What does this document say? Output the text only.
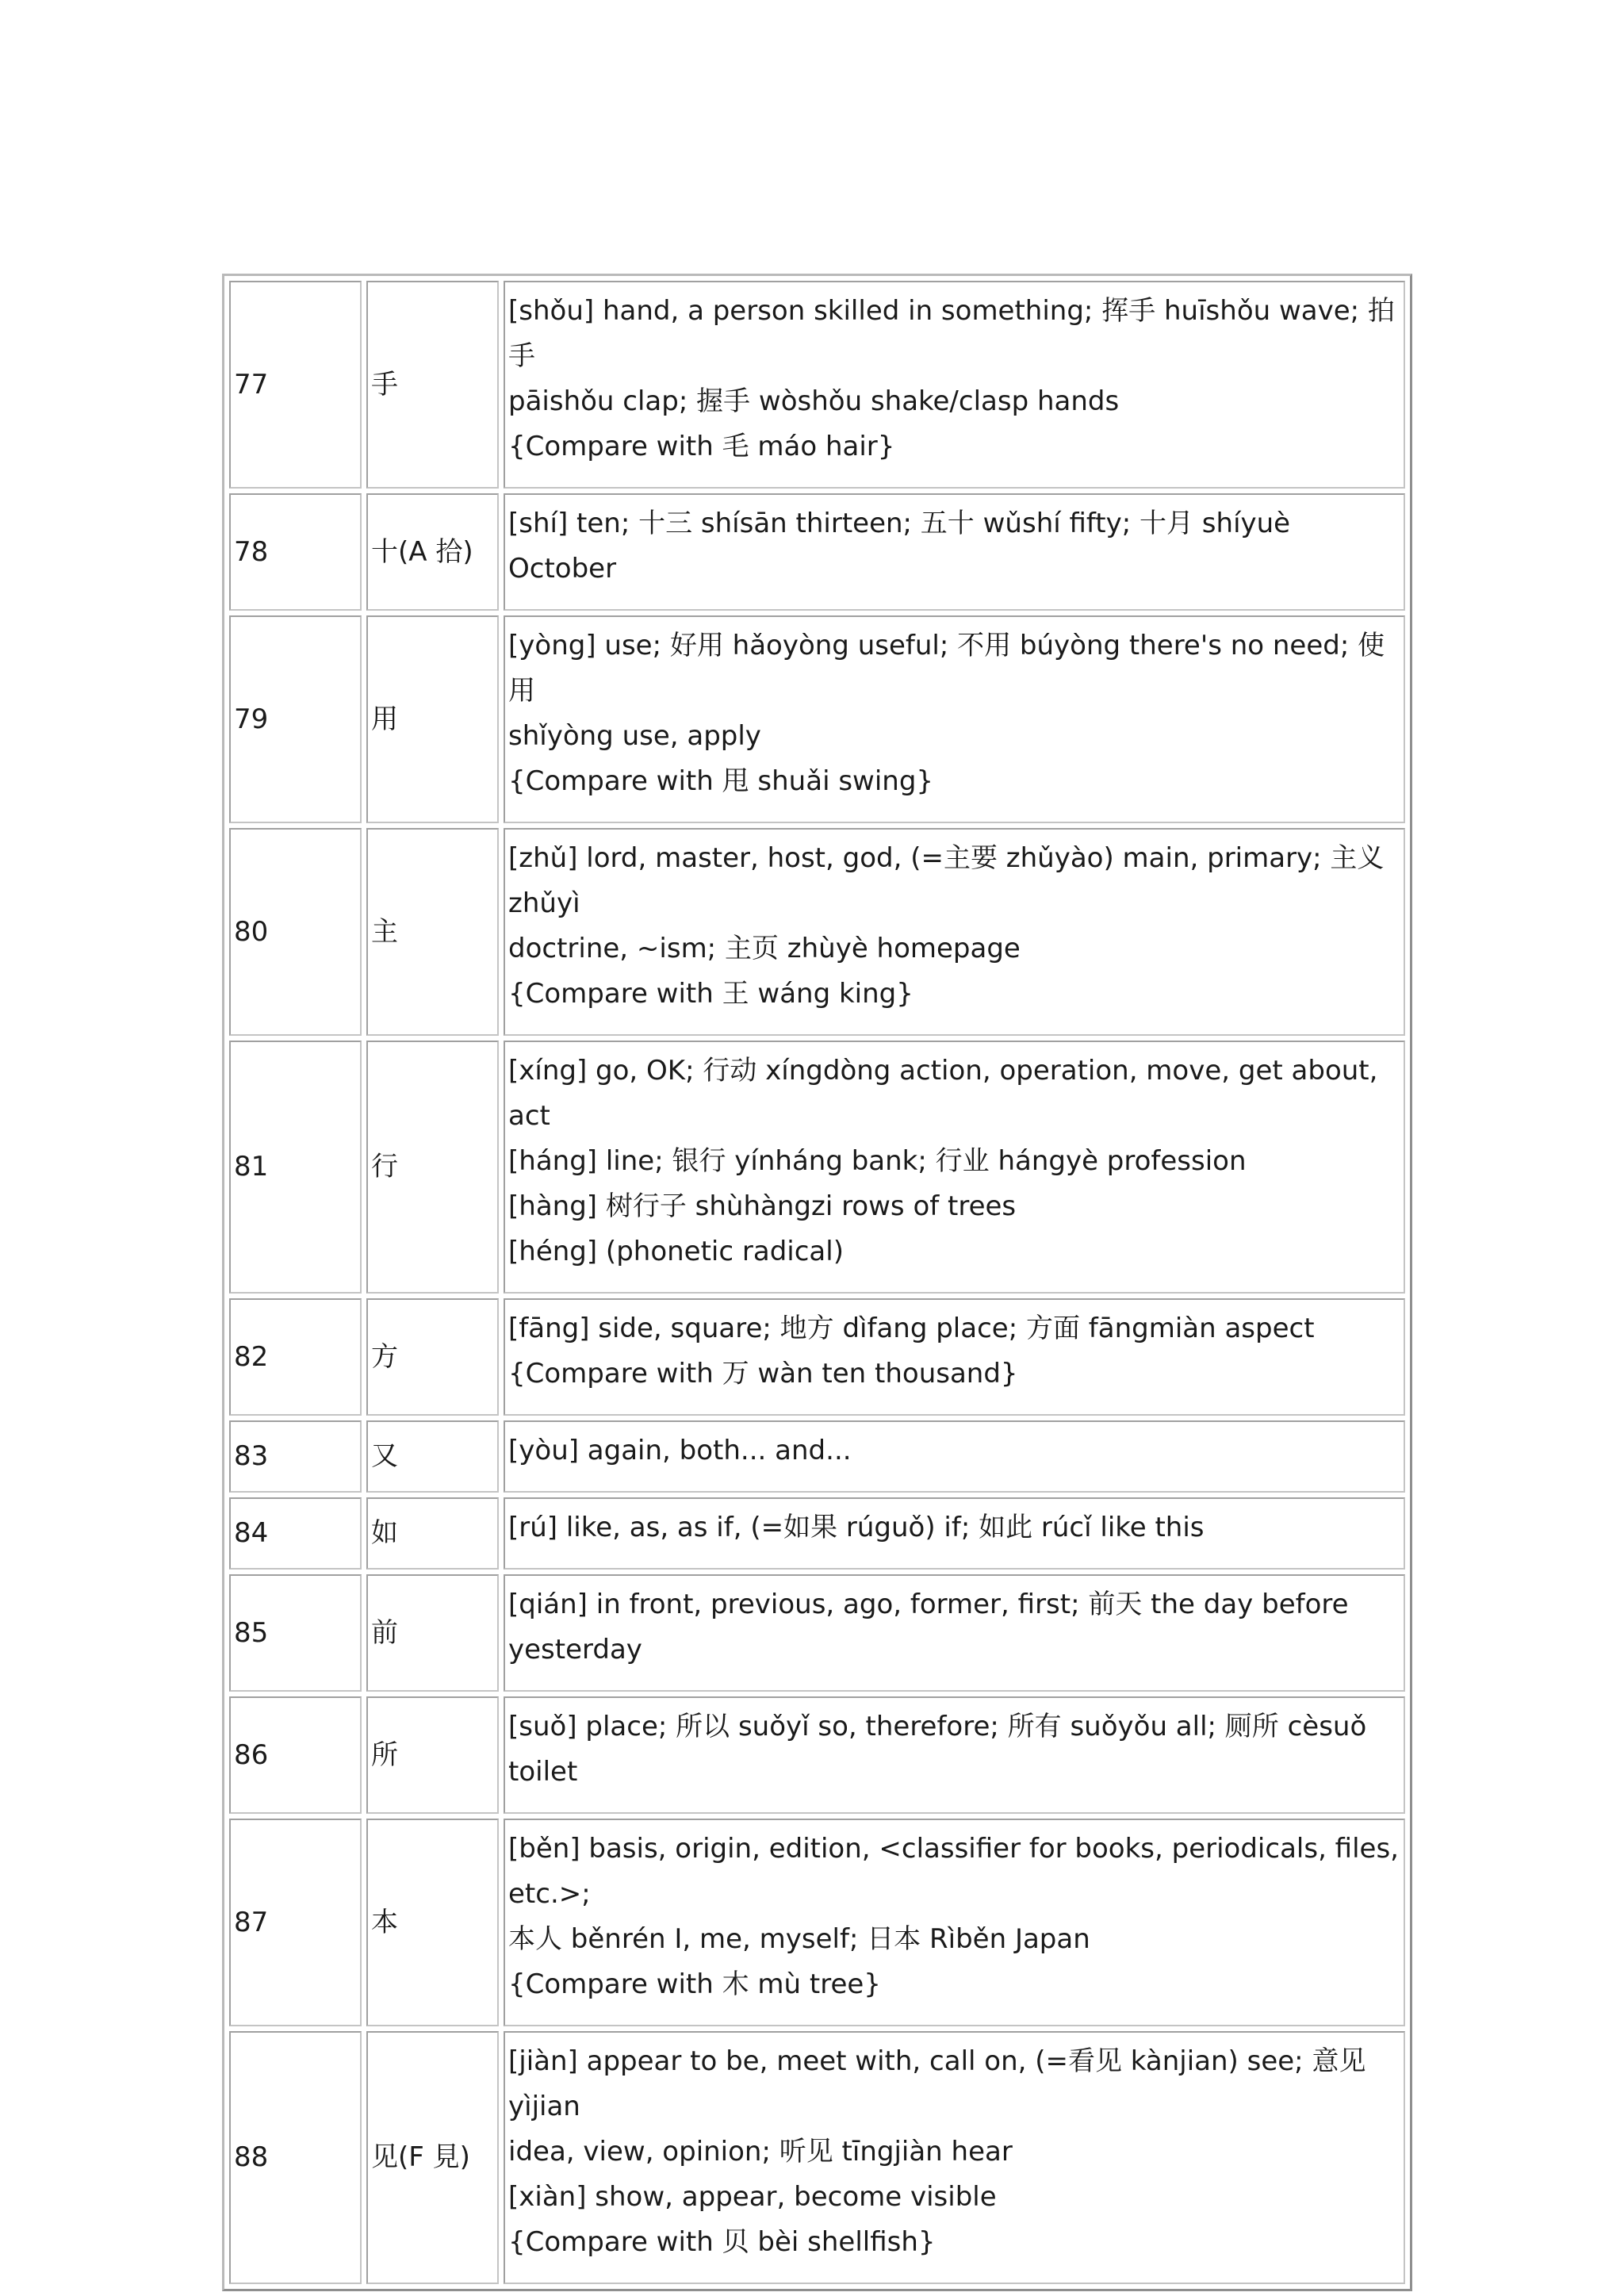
77	手	[shǒu] hand, a person skilled in something; 挥手 huīshǒu wave; 拍手
pāishǒu clap; 握手 wòshǒu shake/clasp hands
{Compare with 毛 máo hair}

78	十(A 拾)	[shí] ten; 十三 shísān thirteen; 五十 wǔshí fifty; 十月 shíyuè October

79	用	[yòng] use; 好用 hǎoyòng useful; 不用 búyòng there's no need; 使用
shǐyòng use, apply
{Compare with 甩 shuǎi swing}

80	主	[zhǔ] lord, master, host, god, (=主要 zhǔyào) main, primary; 主义 zhǔyì
doctrine, ~ism; 主页 zhùyè homepage
{Compare with 王 wáng king}

81	行	[xíng] go, OK; 行动 xíngdòng action, operation, move, get about, act
[háng] line; 银行 yínháng bank; 行业 hángyè profession
[hàng] 树行子 shùhàngzi rows of trees
[héng] (phonetic radical)

82	方	[fāng] side, square; 地方 dìfang place; 方面 fāngmiàn aspect
{Compare with 万 wàn ten thousand}

83	又	[yòu] again, both... and...

84	如	[rú] like, as, as if, (=如果 rúguǒ) if; 如此 rúcǐ like this

85	前	[qián] in front, previous, ago, former, first; 前天 the day before
yesterday

86	所	[suǒ] place; 所以 suǒyǐ so, therefore; 所有 suǒyǒu all; 厕所 cèsuǒ toilet

87	本	[běn] basis, origin, edition, <classifier for books, periodicals, files, etc.>;
本人 běnrén I, me, myself; 日本 Rìběn Japan
{Compare with 木 mù tree}

88	见(F 見)	[jiàn] appear to be, meet with, call on, (=看见 kànjian) see; 意见 yìjian
idea, view, opinion; 听见 tīngjiàn hear
[xiàn] show, appear, become visible
{Compare with 贝 bèi shellfish}
